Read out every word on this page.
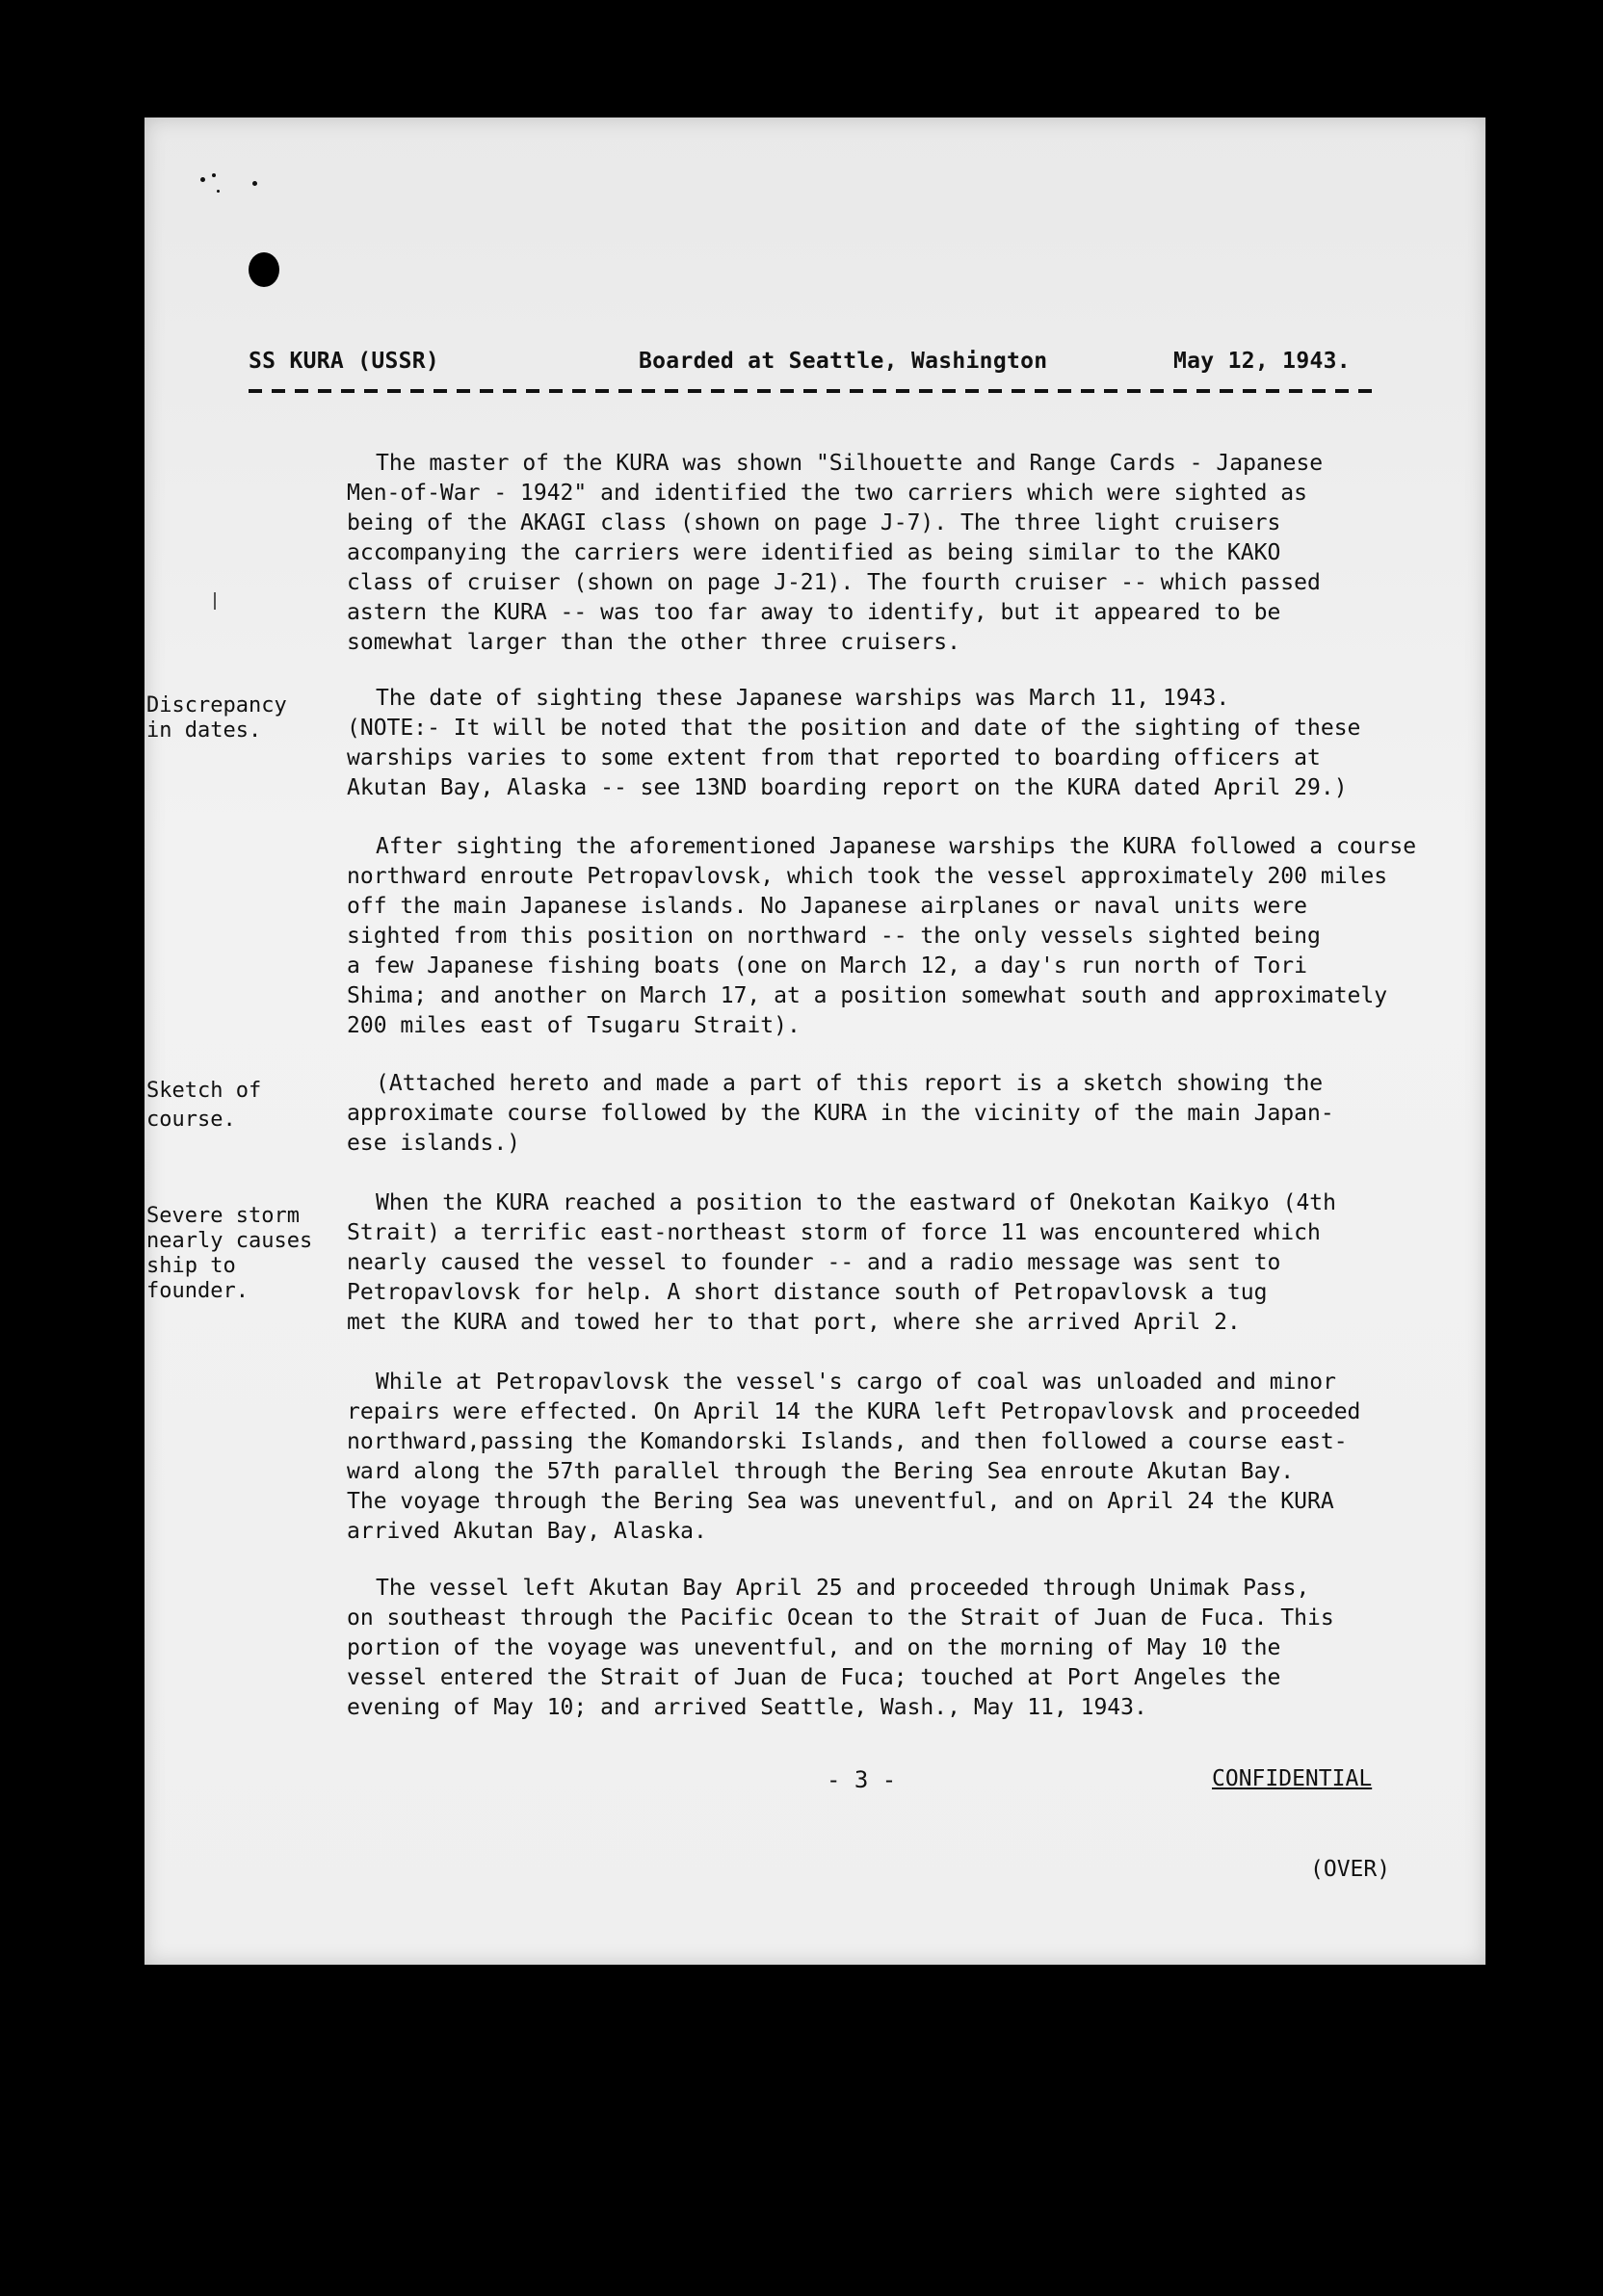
SS KURA (USSR)	Boarded at Seattle, Washington	May 12, 1943.

The master of the KURA was shown "Silhouette and Range Cards - Japanese

Men-of-War - 1942" and identified the two carriers which were sighted as

being of the AKAGI class (shown on page J-7). The three light cruisers

accompanying the carriers were identified as being similar to the KAKO

class of cruiser (shown on page J-21). The fourth cruiser -- which passed

astern the KURA -- was too far away to identify, but it appeared to be

somewhat larger than the other three cruisers.

Discrepancy

in dates.

The date of sighting these Japanese warships was March 11, 1943.

(NOTE:- It will be noted that the position and date of the sighting of these

warships varies to some extent from that reported to boarding officers at

Akutan Bay, Alaska -- see 13ND boarding report on the KURA dated April 29.)

After sighting the aforementioned Japanese warships the KURA followed a course

northward enroute Petropavlovsk, which took the vessel approximately 200 miles

off the main Japanese islands. No Japanese airplanes or naval units were

sighted from this position on northward -- the only vessels sighted being

a few Japanese fishing boats (one on March 12, a day's run north of Tori

Shima; and another on March 17, at a position somewhat south and approximately

200 miles east of Tsugaru Strait).

Sketch of

course.

(Attached hereto and made a part of this report is a sketch showing the

approximate course followed by the KURA in the vicinity of the main Japan-

ese islands.)

Severe storm

nearly causes

ship to

founder.

When the KURA reached a position to the eastward of Onekotan Kaikyo (4th

Strait) a terrific east-northeast storm of force 11 was encountered which

nearly caused the vessel to founder -- and a radio message was sent to

Petropavlovsk for help. A short distance south of Petropavlovsk a tug

met the KURA and towed her to that port, where she arrived April 2.

While at Petropavlovsk the vessel's cargo of coal was unloaded and minor

repairs were effected. On April 14 the KURA left Petropavlovsk and proceeded

northward,passing the Komandorski Islands, and then followed a course east-

ward along the 57th parallel through the Bering Sea enroute Akutan Bay.

The voyage through the Bering Sea was uneventful, and on April 24 the KURA

arrived Akutan Bay, Alaska.

The vessel left Akutan Bay April 25 and proceeded through Unimak Pass,

on southeast through the Pacific Ocean to the Strait of Juan de Fuca. This

portion of the voyage was uneventful, and on the morning of May 10 the

vessel entered the Strait of Juan de Fuca; touched at Port Angeles the

evening of May 10; and arrived Seattle, Wash., May 11, 1943.

- 3 -	CONFIDENTIAL
(OVER)
